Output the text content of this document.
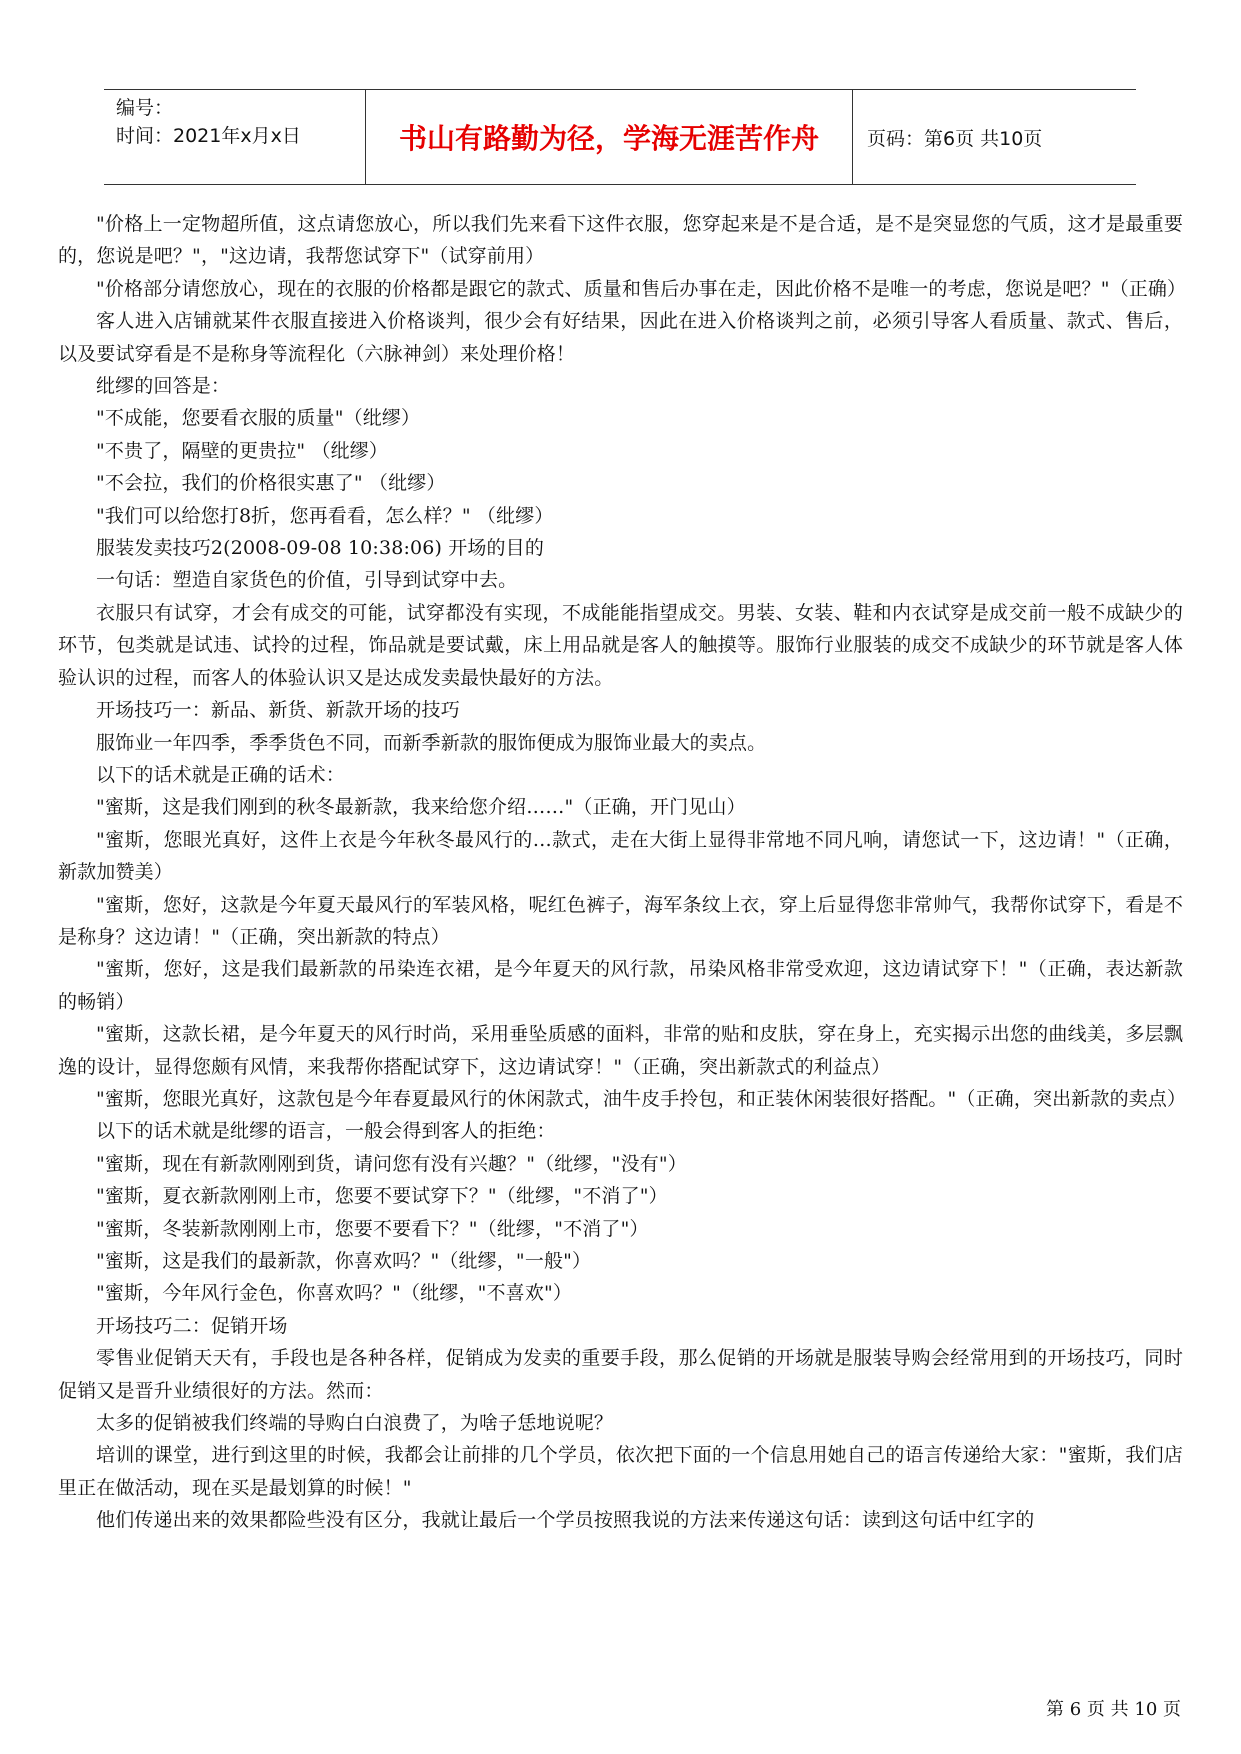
编号：
时间：2021年x月x日	书山有路勤为径，学海无涯苦作舟	页码：第6页 共10页

"价格上一定物超所值，这点请您放心，所以我们先来看下这件衣服，您穿起来是不是合适，是不是突显您的气质，这才是最重要的，您说是吧？"，"这边请，我帮您试穿下"（试穿前用）

"价格部分请您放心，现在的衣服的价格都是跟它的款式、质量和售后办事在走，因此价格不是唯一的考虑，您说是吧？"（正确）

客人进入店铺就某件衣服直接进入价格谈判，很少会有好结果，因此在进入价格谈判之前，必须引导客人看质量、款式、售后，以及要试穿看是不是称身等流程化（六脉神剑）来处理价格！

纰缪的回答是：

"不成能，您要看衣服的质量"（纰缪）

"不贵了，隔壁的更贵拉" （纰缪）

"不会拉，我们的价格很实惠了" （纰缪）

"我们可以给您打8折，您再看看，怎么样？" （纰缪）

服装发卖技巧2(2008-09-08 10:38:06) 开场的目的

一句话：塑造自家货色的价值，引导到试穿中去。

衣服只有试穿，才会有成交的可能，试穿都没有实现，不成能能指望成交。男装、女装、鞋和内衣试穿是成交前一般不成缺少的环节，包类就是试违、试拎的过程，饰品就是要试戴，床上用品就是客人的触摸等。服饰行业服装的成交不成缺少的环节就是客人体验认识的过程，而客人的体验认识又是达成发卖最快最好的方法。

开场技巧一：新品、新货、新款开场的技巧

服饰业一年四季，季季货色不同，而新季新款的服饰便成为服饰业最大的卖点。

以下的话术就是正确的话术：

"蜜斯，这是我们刚到的秋冬最新款，我来给您介绍……"（正确，开门见山）

"蜜斯，您眼光真好，这件上衣是今年秋冬最风行的…款式，走在大街上显得非常地不同凡响，请您试一下，这边请！"（正确，新款加赞美）

"蜜斯，您好，这款是今年夏天最风行的军装风格，呢红色裤子，海军条纹上衣，穿上后显得您非常帅气，我帮你试穿下，看是不是称身？这边请！"（正确，突出新款的特点）

"蜜斯，您好，这是我们最新款的吊染连衣裙，是今年夏天的风行款，吊染风格非常受欢迎，这边请试穿下！"（正确，表达新款的畅销）

"蜜斯，这款长裙，是今年夏天的风行时尚，采用垂坠质感的面料，非常的贴和皮肤，穿在身上，充实揭示出您的曲线美，多层飘逸的设计，显得您颇有风情，来我帮你搭配试穿下，这边请试穿！"（正确，突出新款式的利益点）

"蜜斯，您眼光真好，这款包是今年春夏最风行的休闲款式，油牛皮手拎包，和正装休闲装很好搭配。"（正确，突出新款的卖点）

以下的话术就是纰缪的语言，一般会得到客人的拒绝：

"蜜斯，现在有新款刚刚到货，请问您有没有兴趣？"（纰缪，"没有"）

"蜜斯，夏衣新款刚刚上市，您要不要试穿下？"（纰缪，"不消了"）

"蜜斯，冬装新款刚刚上市，您要不要看下？"（纰缪，"不消了"）

"蜜斯，这是我们的最新款，你喜欢吗？"（纰缪，"一般"）

"蜜斯，今年风行金色，你喜欢吗？"（纰缪，"不喜欢"）

开场技巧二：促销开场

零售业促销天天有，手段也是各种各样，促销成为发卖的重要手段，那么促销的开场就是服装导购会经常用到的开场技巧，同时促销又是晋升业绩很好的方法。然而：

太多的促销被我们终端的导购白白浪费了，为啥子恁地说呢？

培训的课堂，进行到这里的时候，我都会让前排的几个学员，依次把下面的一个信息用她自己的语言传递给大家："蜜斯，我们店里正在做活动，现在买是最划算的时候！"

他们传递出来的效果都险些没有区分，我就让最后一个学员按照我说的方法来传递这句话：读到这句话中红字的

第 6 页 共 10 页
